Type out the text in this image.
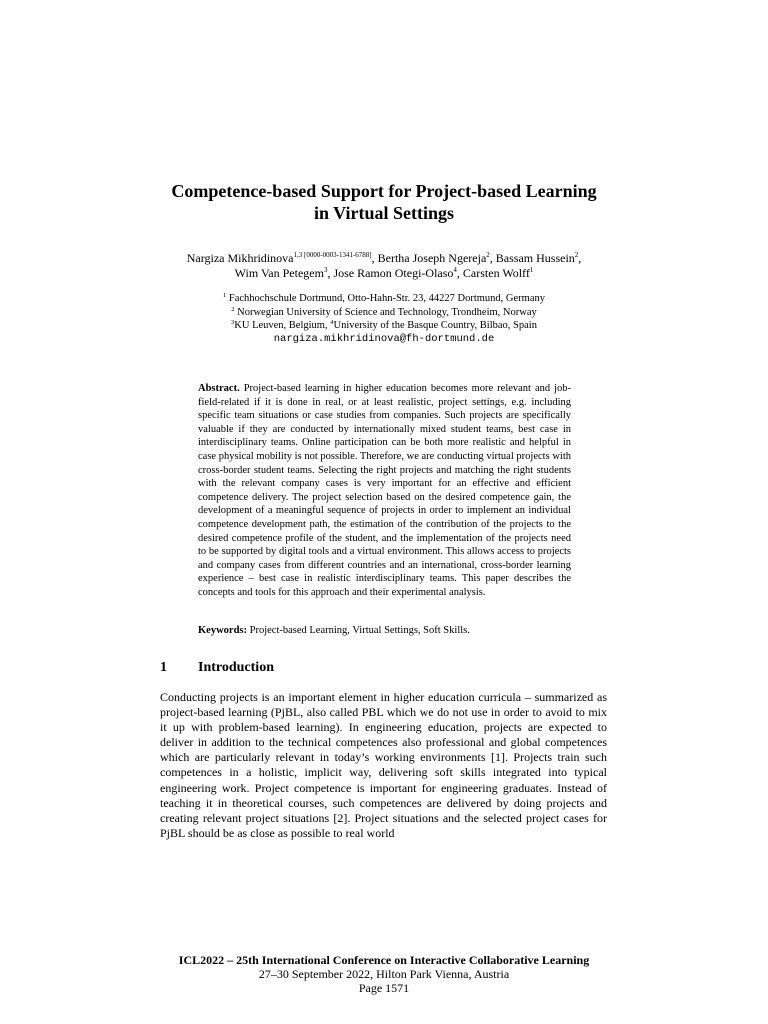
Competence-based Support for Project-based Learning
in Virtual Settings
Nargiza Mikhridinova$^{1,3 [0000-0003-1341-6788]}$, Bertha Joseph Ngereja$^2$, Bassam Hussein$^2$,
Wim Van Petegem$^3$, Jose Ramon Otegi-Olaso$^4$, Carsten Wolff$^1$
$^1$ Fachhochschule Dortmund, Otto-Hahn-Str. 23, 44227 Dortmund, Germany
$^2$ Norwegian University of Science and Technology, Trondheim, Norway
$^3$KU Leuven, Belgium, $^4$University of the Basque Country, Bilbao, Spain
nargiza.mikhridinova@fh-dortmund.de
Abstract. Project-based learning in higher education becomes more relevant and job-field-related if it is done in real, or at least realistic, project settings, e.g. including specific team situations or case studies from companies. Such projects are specifically valuable if they are conducted by internationally mixed student teams, best case in interdisciplinary teams. Online participation can be both more realistic and helpful in case physical mobility is not possible. Therefore, we are conducting virtual projects with cross-border student teams. Selecting the right projects and matching the right students with the relevant company cases is very important for an effective and efficient competence delivery. The project selection based on the desired competence gain, the development of a meaningful sequence of projects in order to implement an individual competence development path, the estimation of the contribution of the projects to the desired competence profile of the student, and the implementation of the projects need to be supported by digital tools and a virtual environment. This allows access to projects and company cases from different countries and an international, cross-border learning experience – best case in realistic interdisciplinary teams. This paper describes the concepts and tools for this approach and their experimental analysis.
Keywords: Project-based Learning, Virtual Settings, Soft Skills.
1 Introduction
Conducting projects is an important element in higher education curricula – summarized as project-based learning (PjBL, also called PBL which we do not use in order to avoid to mix it up with problem-based learning). In engineering education, projects are expected to deliver in addition to the technical competences also professional and global competences which are particularly relevant in today’s working environments [1]. Projects train such competences in a holistic, implicit way, delivering soft skills integrated into typical engineering work. Project competence is important for engineering graduates. Instead of teaching it in theoretical courses, such competences are delivered by doing projects and creating relevant project situations [2]. Project situations and the selected project cases for PjBL should be as close as possible to real world
ICL2022 – 25th International Conference on Interactive Collaborative Learning
27–30 September 2022, Hilton Park Vienna, Austria
Page 1571
